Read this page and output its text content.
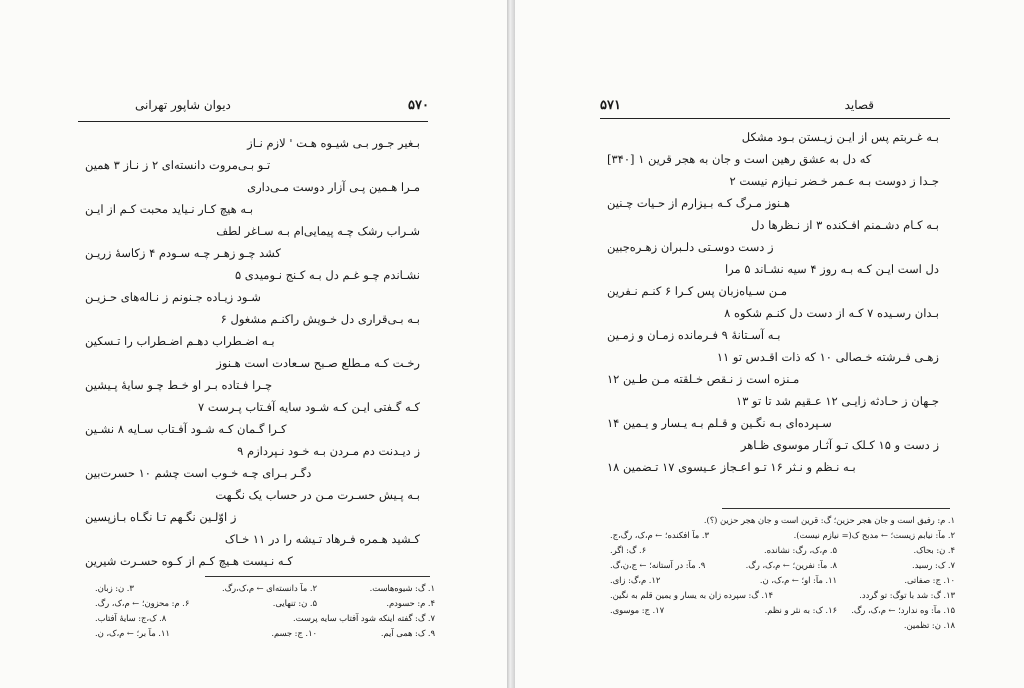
۵۷۰
دیوان شاپور تهرانی
بـغیر جـور بـی شیـوه هـت ' لازم نـاز
تـو بـی‌مروت دانسته‌ای ۲ ز نـاز ۳ همین
مـرا هـمین پـی آزار دوست مـی‌داری
بـه هیچ کـار نـیاید محبت کـم از ایـن
شـراب رشک چـه پیمایی‌ام بـه سـاغر لطف
کشد چـو زهـر چـه سـودم ۴ زکاسهٔ زریـن
نشـاندم چـو غـم دل بـه کـنج نـومیدی ۵
شـود زیـاده جـنونم ز نـاله‌های حـزیـن
بـه بـی‌قراری دل خـویش راکنـم مشغول ۶
بـه اضـطراب دهـم اضـطراب را تـسکین
رخـت کـه مـطلع صـبح سـعادت است هـنوز
چـرا فـتاده بـر او خـط چـو سایهٔ پـیشین
کـه گـفتی ایـن کـه شـود سایه آفـتاب پـرست ۷
کـرا گـمان کـه شـود آفـتاب سـایه ۸ نشـین
ز دیـدنت دم مـردن بـه خـود نـپردازم ۹
دگـر بـرای چـه خـوب است چشم ۱۰ حسرت‌بین
بـه پـیش حسـرت مـن در حساب یک نگـهت
ز اوّلـین نگـهم تـا نگـاه بـازپسین
کـشید هـمره فـرهاد تـیشه را در ۱۱ خـاک
کـه نـیست هـیچ کـم از کـوه حسـرت شیرین
۱. گ: شیوه‌هاست.
۲. مآ دانسته‌ای ← م،ک،رگ.
۳. ن: زبان.
۴. م: حسودم.
۵. ن: تنهایی.
۶. م: محزون؛ ← م،ک، رگ.
۷. گ: گفته اینکه شود آفتاب سایه پرست.
۸. ک،ج: سایهٔ آفتاب.
۹. ک: همی آیم.
۱۰. ج: جسم.
۱۱. مآ بر؛ ← م،ک، ن.
۵۷۱	قصاید
بـه غـربتم پس از ایـن زیـستن بـود مشکل
که دل به عشق رهین است و جان به هجر قرین ۱ [۳۴۰]
جـدا ز دوست بـه عـمر خـضر نـیازم نیست ۲
هـنوز مـرگ کـه بـیزارم از حـیات چـنین
بـه کـام دشـمنم افـکنده ۳ از نـظرها دل
ز دست دوسـتی دلـبران زهـره‌جبین
دل است ایـن کـه بـه روز ۴ سیه نشـاند ۵ مرا
مـن سـیاه‌زبان پس کـرا ۶ کنـم نـفرین
بـدان رسـیده ۷ کـه از دست دل کنـم شکوه ۸
بـه آسـتانهٔ ۹ فـرمانده زمـان و زمـین
زهـی فـرشته خـصالی ۱۰ که ذات اقـدس تو ۱۱
مـنزه است ز نـقص خـلقته مـن طـین ۱۲
جـهان ز حـادثه زایـی ۱۲ عـقیم شد تا تو ۱۳
سـپرده‌ای بـه نگـین و قـلم بـه یـسار و یـمین ۱۴
ز دست و ۱۵ کـلک تـو آثـار موسوی ظـاهر
بـه نـظم و نـثر ۱۶ تـو اعـجاز عـیسوی ۱۷ تـضمین ۱۸
۱. م: رفیق است و جان هجر حزین؛ گ: قرین است و جان هجر حزین (؟).
۲. مآ: نیابم زیست؛ ← مدبح ک(= نیازم نیست).
۳. مآ افکنده؛ ← م،ک، رگ،ج.
۴. ن: بحاک.
۵. م،ک، رگ: نشانده.
۶. گ: اگر.
۷. ک: رسید.
۸. مآ: نفرین؛ ← م،ک، رگ.
۹. مآ: در آستانه؛ ← ج،ن،گ.
۱۰. ج: صفاتی.
۱۱. مآ: او؛ ← م،ک، ن.
۱۲. م،گ: زای.
۱۳. گ: شد با توگ: تو گردد.
۱۴. گ: سپرده زان به یسار و یمین قلم به نگین.
۱۵. مآ: وه ندارد؛ ← م،ک، رگ.
۱۶. ک: به نثر و نظم.
۱۷. ج: موسوی.
۱۸. ن: تظمین.
